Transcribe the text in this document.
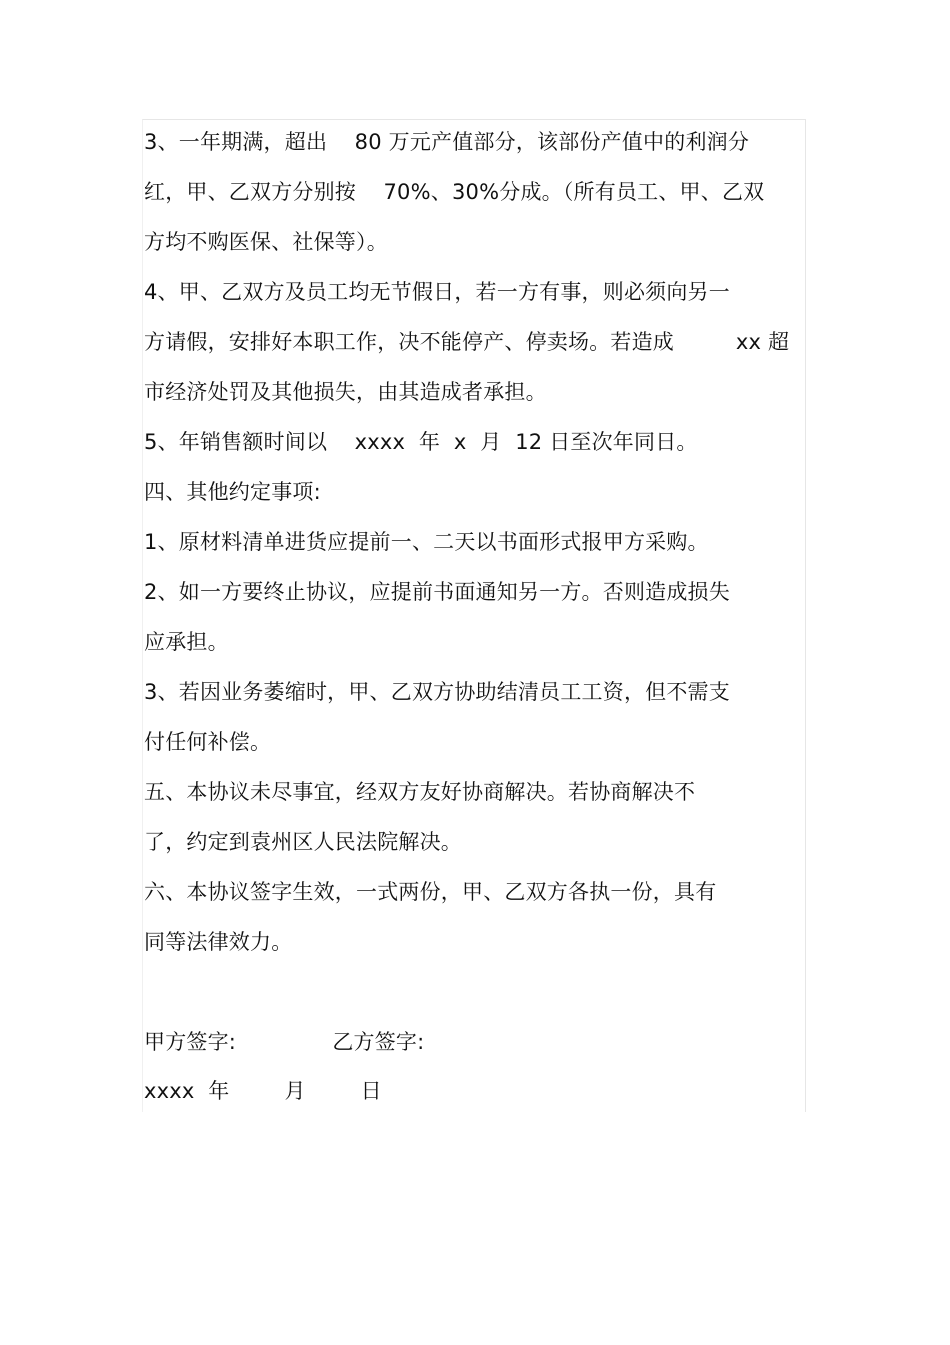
3、一年期满，超出    80 万元产值部分，该部份产值中的利润分
红，甲、乙双方分别按    70%、30%分成。（所有员工、甲、乙双
方均不购医保、社保等）。
4、甲、乙双方及员工均无节假日，若一方有事，则必须向另一
方请假，安排好本职工作，决不能停产、停卖场。若造成         xx 超
市经济处罚及其他损失，由其造成者承担。
5、年销售额时间以    xxxx  年  x  月  12 日至次年同日。
四、其他约定事项:
1、原材料清单进货应提前一、二天以书面形式报甲方采购。
2、如一方要终止协议，应提前书面通知另一方。否则造成损失
应承担。
3、若因业务萎缩时，甲、乙双方协助结清员工工资，但不需支
付任何补偿。
五、本协议未尽事宜，经双方友好协商解决。若协商解决不
了，约定到袁州区人民法院解决。
六、本协议签字生效，一式两份，甲、乙双方各执一份，具有
同等法律效力。
甲方签字:              乙方签字:
xxxx  年        月        日
